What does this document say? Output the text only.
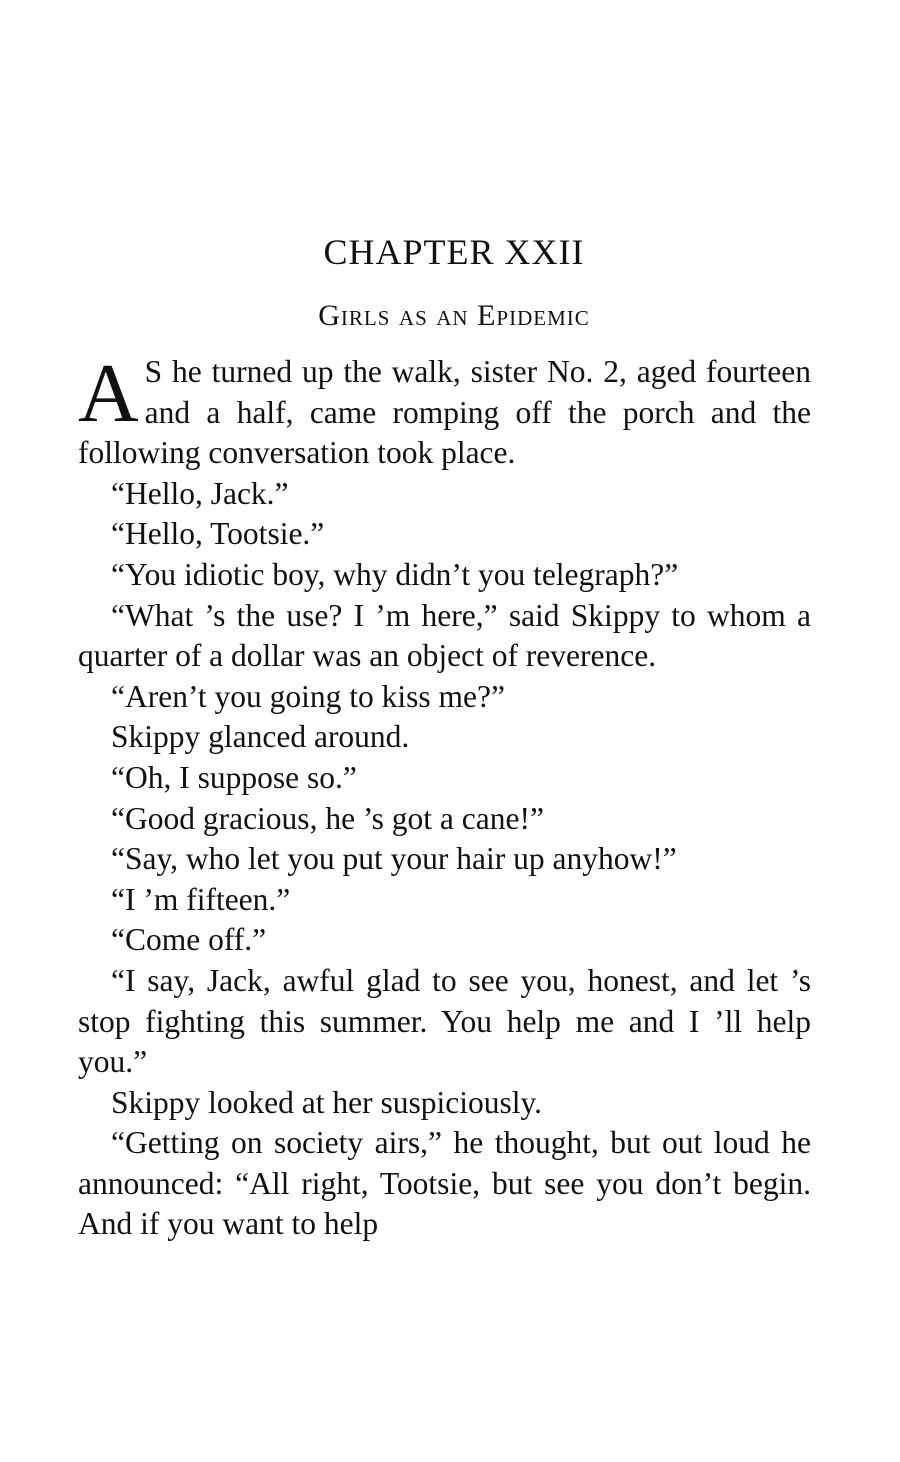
CHAPTER XXII
Girls as an Epidemic

A S he turned up the walk, sister No. 2, aged fourteen and a half, came romping off the porch and the following conversation took place.

“Hello, Jack.”

“Hello, Tootsie.”

“You idiotic boy, why didn’t you telegraph?”

“What ’s the use? I ’m here,” said Skippy to whom a quarter of a dollar was an object of reverence.

“Aren’t you going to kiss me?”

Skippy glanced around.

“Oh, I suppose so.”

“Good gracious, he ’s got a cane!”

“Say, who let you put your hair up anyhow!”

“I ’m fifteen.”

“Come off.”

“I say, Jack, awful glad to see you, honest, and let ’s stop fighting this summer. You help me and I ’ll help you.”

Skippy looked at her suspiciously.

“Getting on society airs,” he thought, but out loud he announced: “All right, Tootsie, but see you don’t begin. And if you want to help
